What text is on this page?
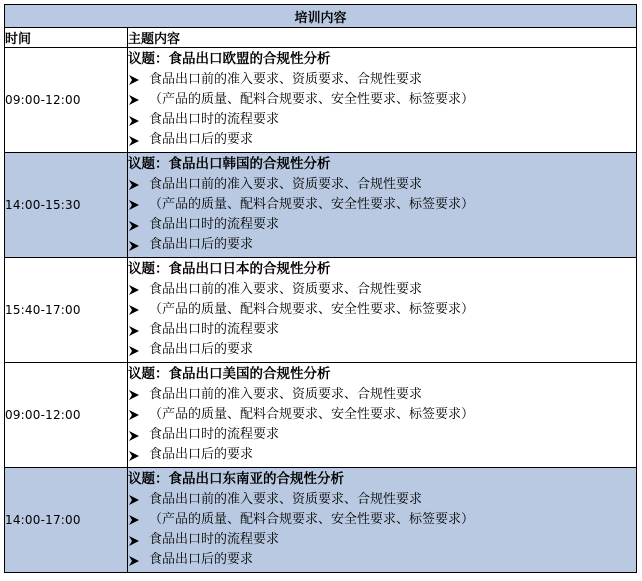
培训内容	
时间	主题内容
09:00-12:00	议题：食品出口欧盟的合规性分析
食品出口前的准入要求、资质要求、合规性要求
（产品的质量、配料合规要求、安全性要求、标签要求）
食品出口时的流程要求
食品出口后的要求

14:00-15:30	议题：食品出口韩国的合规性分析
食品出口前的准入要求、资质要求、合规性要求
（产品的质量、配料合规要求、安全性要求、标签要求）
食品出口时的流程要求
食品出口后的要求

15:40-17:00	议题：食品出口日本的合规性分析
食品出口前的准入要求、资质要求、合规性要求
（产品的质量、配料合规要求、安全性要求、标签要求）
食品出口时的流程要求
食品出口后的要求

09:00-12:00	议题：食品出口美国的合规性分析
食品出口前的准入要求、资质要求、合规性要求
（产品的质量、配料合规要求、安全性要求、标签要求）
食品出口时的流程要求
食品出口后的要求

14:00-17:00	议题：食品出口东南亚的合规性分析
食品出口前的准入要求、资质要求、合规性要求
（产品的质量、配料合规要求、安全性要求、标签要求）
食品出口时的流程要求
食品出口后的要求
